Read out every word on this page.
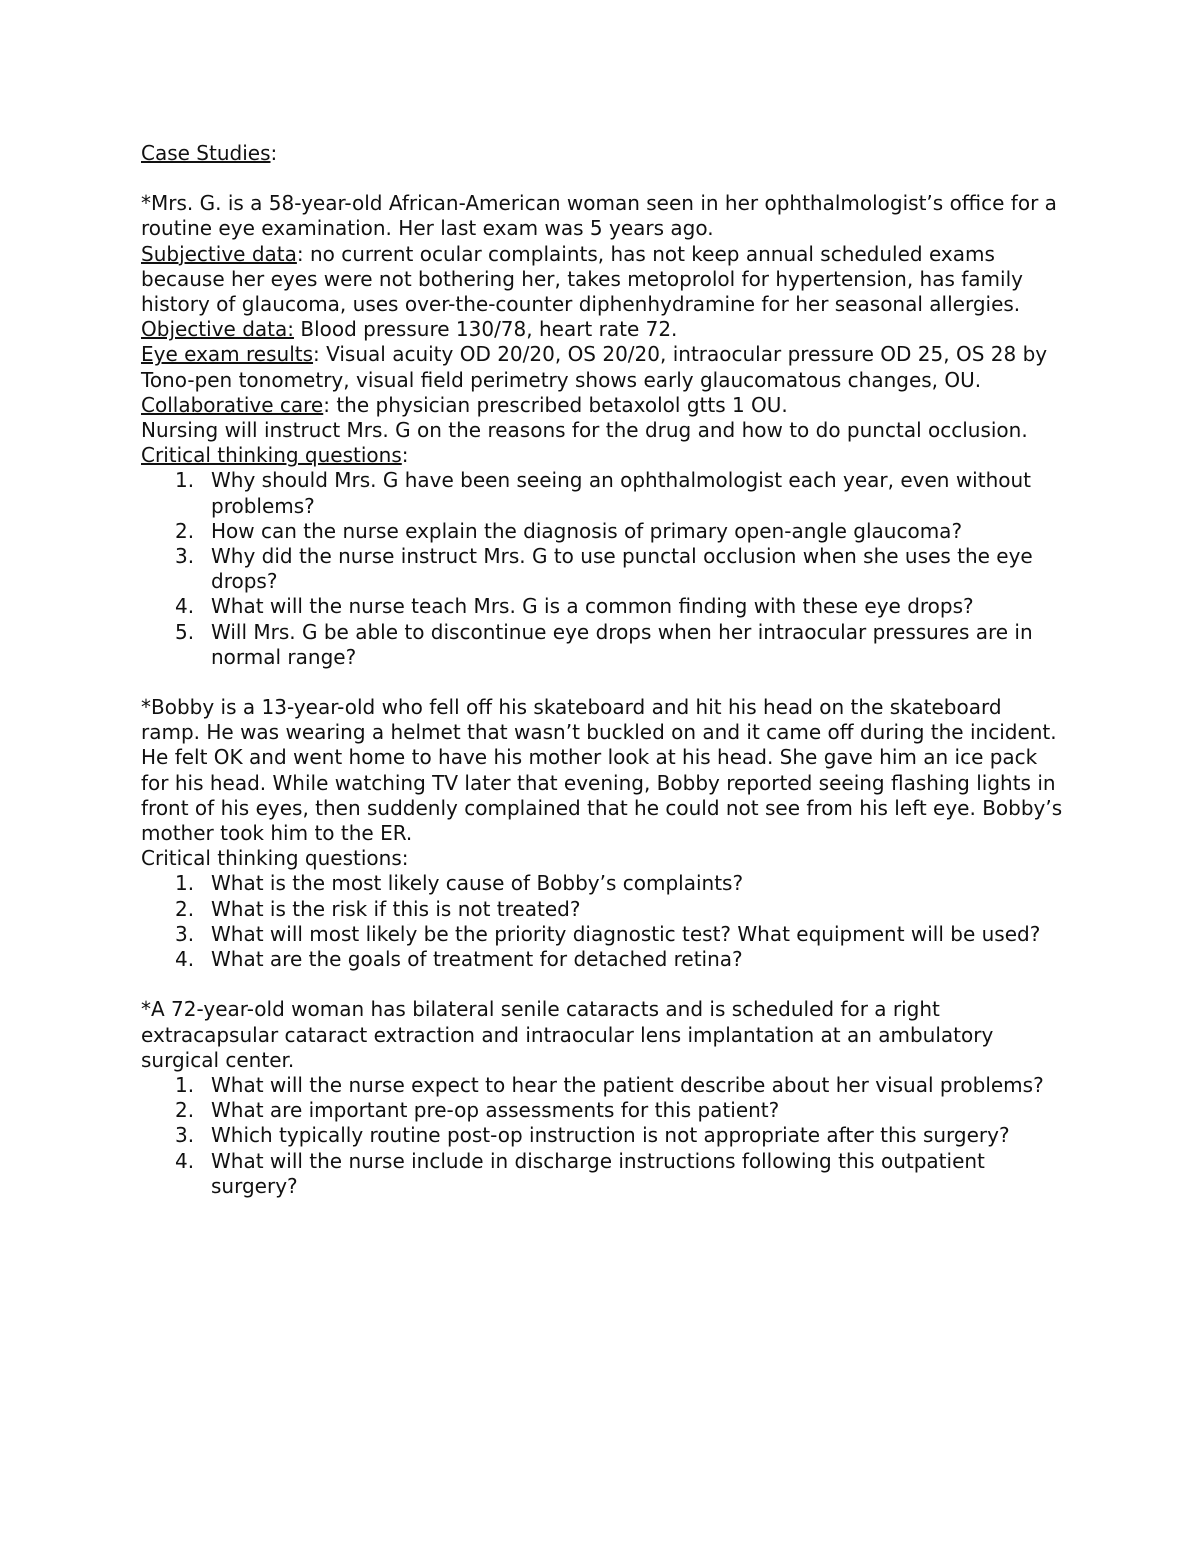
Case Studies:

*Mrs. G. is a 58-year-old African-American woman seen in her ophthalmologist’s office for a routine eye examination. Her last exam was 5 years ago.

Subjective data: no current ocular complaints, has not keep annual scheduled exams because her eyes were not bothering her, takes metoprolol for hypertension, has family history of glaucoma, uses over-the-counter diphenhydramine for her seasonal allergies.

Objective data: Blood pressure 130/78, heart rate 72.

Eye exam results: Visual acuity OD 20/20, OS 20/20, intraocular pressure OD 25, OS 28 by Tono-pen tonometry, visual field perimetry shows early glaucomatous changes, OU.

Collaborative care: the physician prescribed betaxolol gtts 1 OU.

Nursing will instruct Mrs. G on the reasons for the drug and how to do punctal occlusion.

Critical thinking questions:

1. Why should Mrs. G have been seeing an ophthalmologist each year, even without problems?
2. How can the nurse explain the diagnosis of primary open-angle glaucoma?
3. Why did the nurse instruct Mrs. G to use punctal occlusion when she uses the eye drops?
4. What will the nurse teach Mrs. G is a common finding with these eye drops?
5. Will Mrs. G be able to discontinue eye drops when her intraocular pressures are in normal range?

*Bobby is a 13-year-old who fell off his skateboard and hit his head on the skateboard ramp. He was wearing a helmet that wasn’t buckled on and it came off during the incident. He felt OK and went home to have his mother look at his head. She gave him an ice pack for his head. While watching TV later that evening, Bobby reported seeing flashing lights in front of his eyes, then suddenly complained that he could not see from his left eye. Bobby’s mother took him to the ER.

Critical thinking questions:

1. What is the most likely cause of Bobby’s complaints?
2. What is the risk if this is not treated?
3. What will most likely be the priority diagnostic test? What equipment will be used?
4. What are the goals of treatment for detached retina?

*A 72-year-old woman has bilateral senile cataracts and is scheduled for a right extracapsular cataract extraction and intraocular lens implantation at an ambulatory surgical center.

1. What will the nurse expect to hear the patient describe about her visual problems?
2. What are important pre-op assessments for this patient?
3. Which typically routine post-op instruction is not appropriate after this surgery?
4. What will the nurse include in discharge instructions following this outpatient surgery?
